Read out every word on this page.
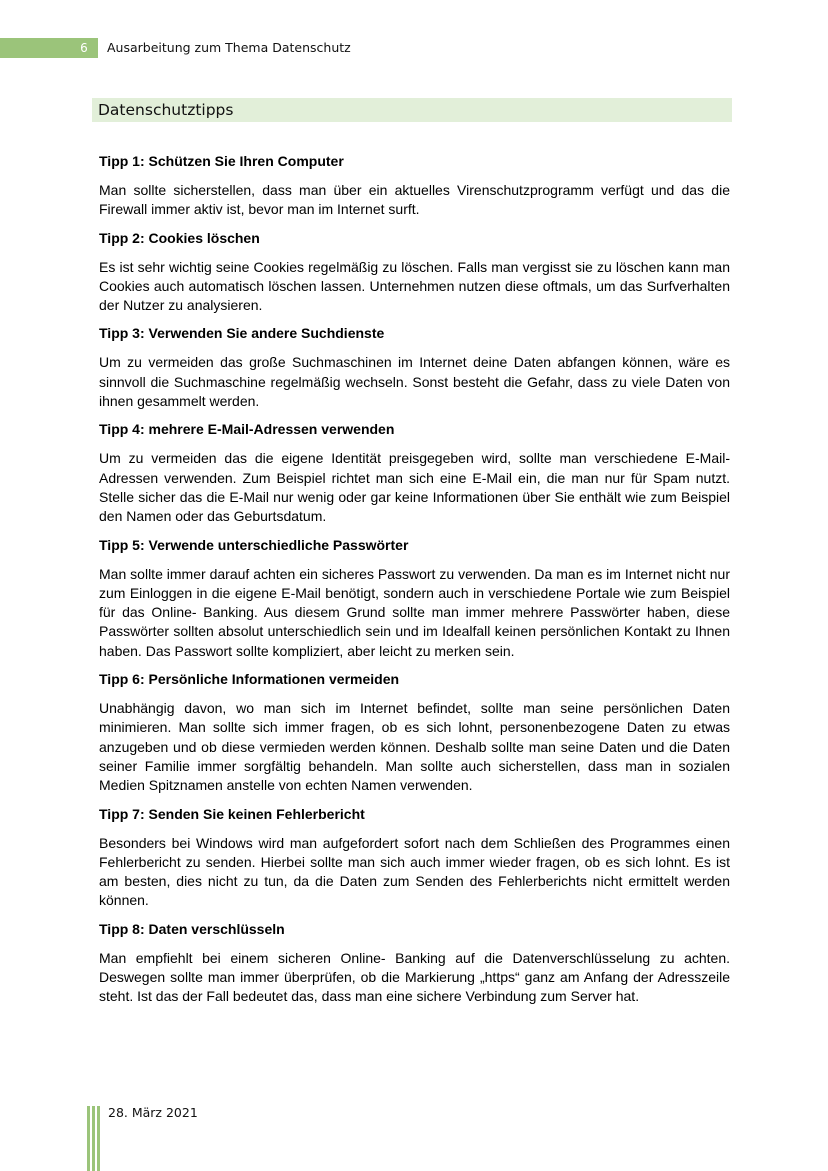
6	Ausarbeitung zum Thema Datenschutz
Datenschutztipps
Tipp 1: Schützen Sie Ihren Computer

Man sollte sicherstellen, dass man über ein aktuelles Virenschutzprogramm verfügt und das die Firewall immer aktiv ist, bevor man im Internet surft.

Tipp 2: Cookies löschen

Es ist sehr wichtig seine Cookies regelmäßig zu löschen. Falls man vergisst sie zu löschen kann man Cookies auch automatisch löschen lassen. Unternehmen nutzen diese oftmals, um das Surfverhalten der Nutzer zu analysieren.

Tipp 3: Verwenden Sie andere Suchdienste

Um zu vermeiden das große Suchmaschinen im Internet deine Daten abfangen können, wäre es sinnvoll die Suchmaschine regelmäßig wechseln. Sonst besteht die Gefahr, dass zu viele Daten von ihnen gesammelt werden.

Tipp 4: mehrere E-Mail-Adressen verwenden

Um zu vermeiden das die eigene Identität preisgegeben wird, sollte man verschiedene E-Mail-Adressen verwenden. Zum Beispiel richtet man sich eine E-Mail ein, die man nur für Spam nutzt. Stelle sicher das die E-Mail nur wenig oder gar keine Informationen über Sie enthält wie zum Beispiel den Namen oder das Geburtsdatum.

Tipp 5: Verwende unterschiedliche Passwörter

Man sollte immer darauf achten ein sicheres Passwort zu verwenden. Da man es im Internet nicht nur zum Einloggen in die eigene E-Mail benötigt, sondern auch in verschiedene Portale wie zum Beispiel für das Online- Banking. Aus diesem Grund sollte man immer mehrere Passwörter haben, diese Passwörter sollten absolut unterschiedlich sein und im Idealfall keinen persönlichen Kontakt zu Ihnen haben. Das Passwort sollte kompliziert, aber leicht zu merken sein.

Tipp 6: Persönliche Informationen vermeiden

Unabhängig davon, wo man sich im Internet befindet, sollte man seine persönlichen Daten minimieren. Man sollte sich immer fragen, ob es sich lohnt, personenbezogene Daten zu etwas anzugeben und ob diese vermieden werden können. Deshalb sollte man seine Daten und die Daten seiner Familie immer sorgfältig behandeln. Man sollte auch sicherstellen, dass man in sozialen Medien Spitznamen anstelle von echten Namen verwenden.

Tipp 7: Senden Sie keinen Fehlerbericht

Besonders bei Windows wird man aufgefordert sofort nach dem Schließen des Programmes einen Fehlerbericht zu senden. Hierbei sollte man sich auch immer wieder fragen, ob es sich lohnt. Es ist am besten, dies nicht zu tun, da die Daten zum Senden des Fehlerberichts nicht ermittelt werden können.

Tipp 8: Daten verschlüsseln

Man empfiehlt bei einem sicheren Online- Banking auf die Datenverschlüsselung zu achten. Deswegen sollte man immer überprüfen, ob die Markierung „https“ ganz am Anfang der Adresszeile steht. Ist das der Fall bedeutet das, dass man eine sichere Verbindung zum Server hat.

28. März 2021
